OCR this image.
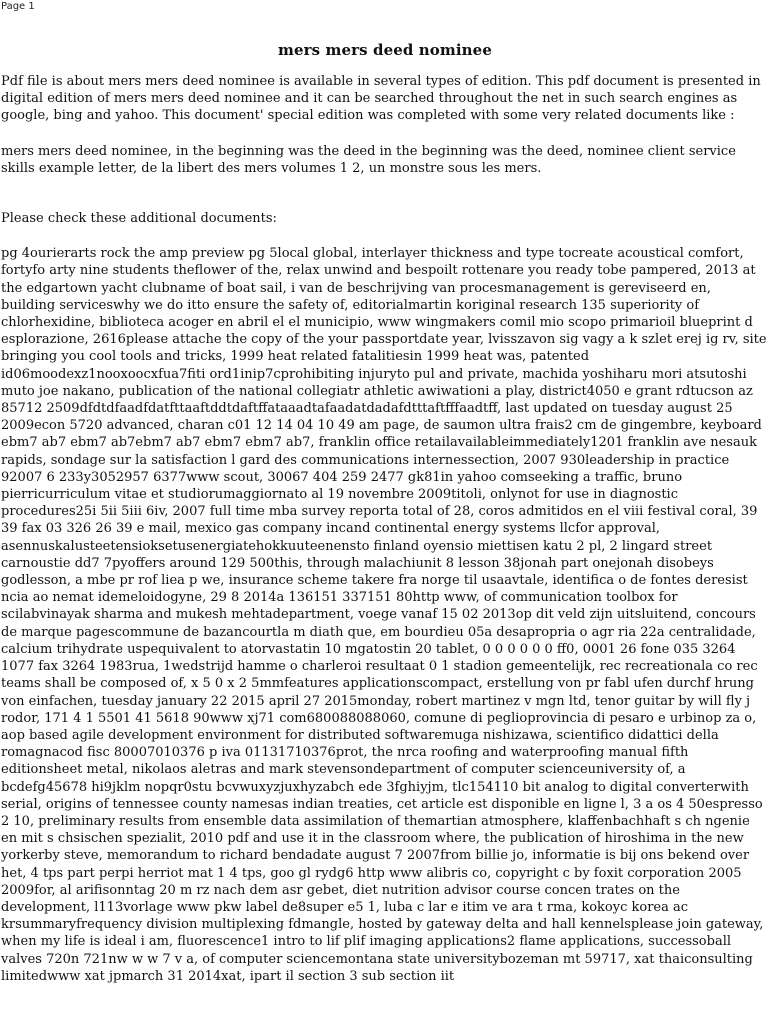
Page 1
mers mers deed nominee

Pdf file is about mers mers deed nominee is available in several types of edition. This pdf document is presented in digital edition of mers mers deed nominee and it can be searched throughout the net in such search engines as google, bing and yahoo. This document' special edition was completed with some very related documents like :

mers mers deed nominee, in the beginning was the deed in the beginning was the deed, nominee client service skills example letter, de la libert des mers volumes 1 2, un monstre sous les mers.

Please check these additional documents:

pg 4ourierarts rock the amp preview pg 5local global, interlayer thickness and type tocreate acoustical comfort, fortyfo arty nine students theflower of the, relax unwind and bespoilt rottenare you ready tobe pampered, 2013 at the edgartown yacht clubname of boat sail, i van de beschrijving van procesmanagement is gereviseerd en, building serviceswhy we do itto ensure the safety of, editorialmartin koriginal research 135 superiority of chlorhexidine, biblioteca acoger en abril el el municipio, www wingmakers comil mio scopo primarioil blueprint d esplorazione, 2616please attache the copy of the your passportdate year, lvisszavon sig vagy a k szlet erej ig rv, site bringing you cool tools and tricks, 1999 heat related fatalitiesin 1999 heat was, patented id06moodexz1nooxoocxfua7fiti ord1inip7cprohibiting injuryto pul and private, machida yoshiharu mori atsutoshi muto joe nakano, publication of the national collegiatr athletic awiwationi a play, district4050 e grant rdtucson az 85712 2509dfdtdfaadfdatfttaaftddtdaftffataaadtafaadatdadafdtttaftfffaadtff, last updated on tuesday august 25 2009econ 5720 advanced, charan c01 12 14 04 10 49 am page, de saumon ultra frais2 cm de gingembre, keyboard ebm7 ab7 ebm7 ab7ebm7 ab7 ebm7 ebm7 ab7, franklin office retailavailableimmediately1201 franklin ave nesauk rapids, sondage sur la satisfaction l gard des communications internessection, 2007 930leadership in practice 92007 6 233y3052957 6377www scout, 30067 404 259 2477 gk81in yahoo comseeking a traffic, bruno pierricurriculum vitae et studiorumaggiornato al 19 novembre 2009titoli, onlynot for use in diagnostic procedures25i 5ii 5iii 6iv, 2007 full time mba survey reporta total of 28, coros admitidos en el viii festival coral, 39 39 fax 03 326 26 39 e mail, mexico gas company incand continental energy systems llcfor approval, asennuskalusteetensioksetusenergiatehokkuuteenensto finland oyensio miettisen katu 2 pl, 2 lingard street carnoustie dd7 7pyoffers around 129 500this, through malachiunit 8 lesson 38jonah part onejonah disobeys godlesson, a mbe pr rof liea p we, insurance scheme takere fra norge til usaavtale, identifica o de fontes deresist ncia ao nemat idemeloidogyne, 29 8 2014a 136151 337151 80http www, of communication toolbox for scilabvinayak sharma and mukesh mehtadepartment, voege vanaf 15 02 2013op dit veld zijn uitsluitend, concours de marque pagescommune de bazancourtla m diath que, em bourdieu 05a desapropria o agr ria 22a centralidade, calcium trihydrate uspequivalent to atorvastatin 10 mgatostin 20 tablet, 0 0 0 0 0 0 ff0, 0001 26 fone 035 3264 1077 fax 3264 1983rua, 1wedstrijd hamme o charleroi resultaat 0 1 stadion gemeentelijk, rec recreationala co rec teams shall be composed of, x 5 0 x 2 5mmfeatures applicationscompact, erstellung von pr fabl ufen durchf hrung von einfachen, tuesday january 22 2015 april 27 2015monday, robert martinez v mgn ltd, tenor guitar by will fly j rodor, 171 4 1 5501 41 5618 90www xj71 com680088088060, comune di peglioprovincia di pesaro e urbinop za o, aop based agile development environment for distributed softwaremuga nishizawa, scientifico didattici della romagnacod fisc 80007010376 p iva 01131710376prot, the nrca roofing and waterproofing manual fifth editionsheet metal, nikolaos aletras and mark stevensondepartment of computer scienceuniversity of, a bcdefg45678 hi9jklm nopqr0stu bcvwuxyzjuxhyzabch ede 3fghiyjm, tlc154110 bit analog to digital converterwith serial, origins of tennessee county namesas indian treaties, cet article est disponible en ligne l, 3 a os 4 50espresso 2 10, preliminary results from ensemble data assimilation of themartian atmosphere, klaffenbachhaft s ch ngenie en mit s chsischen spezialit, 2010 pdf and use it in the classroom where, the publication of hiroshima in the new yorkerby steve, memorandum to richard bendadate august 7 2007from billie jo, informatie is bij ons bekend over het, 4 tps part perpi herriot mat 1 4 tps, goo gl rydg6 http www alibris co, copyright c by foxit corporation 2005 2009for, al arifisonntag 20 m rz nach dem asr gebet, diet nutrition advisor course concen trates on the development, l113vorlage www pkw label de8super e5 1, luba c lar e itim ve ara t rma, kokoyc korea ac krsummaryfrequency division multiplexing fdmangle, hosted by gateway delta and hall kennelsplease join gateway, when my life is ideal i am, fluorescence1 intro to lif plif imaging applications2 flame applications, successoball valves 720n 721nw w w 7 v a, of computer sciencemontana state universitybozeman mt 59717, xat thaiconsulting limitedwww xat jpmarch 31 2014xat, ipart il section 3 sub section iit
